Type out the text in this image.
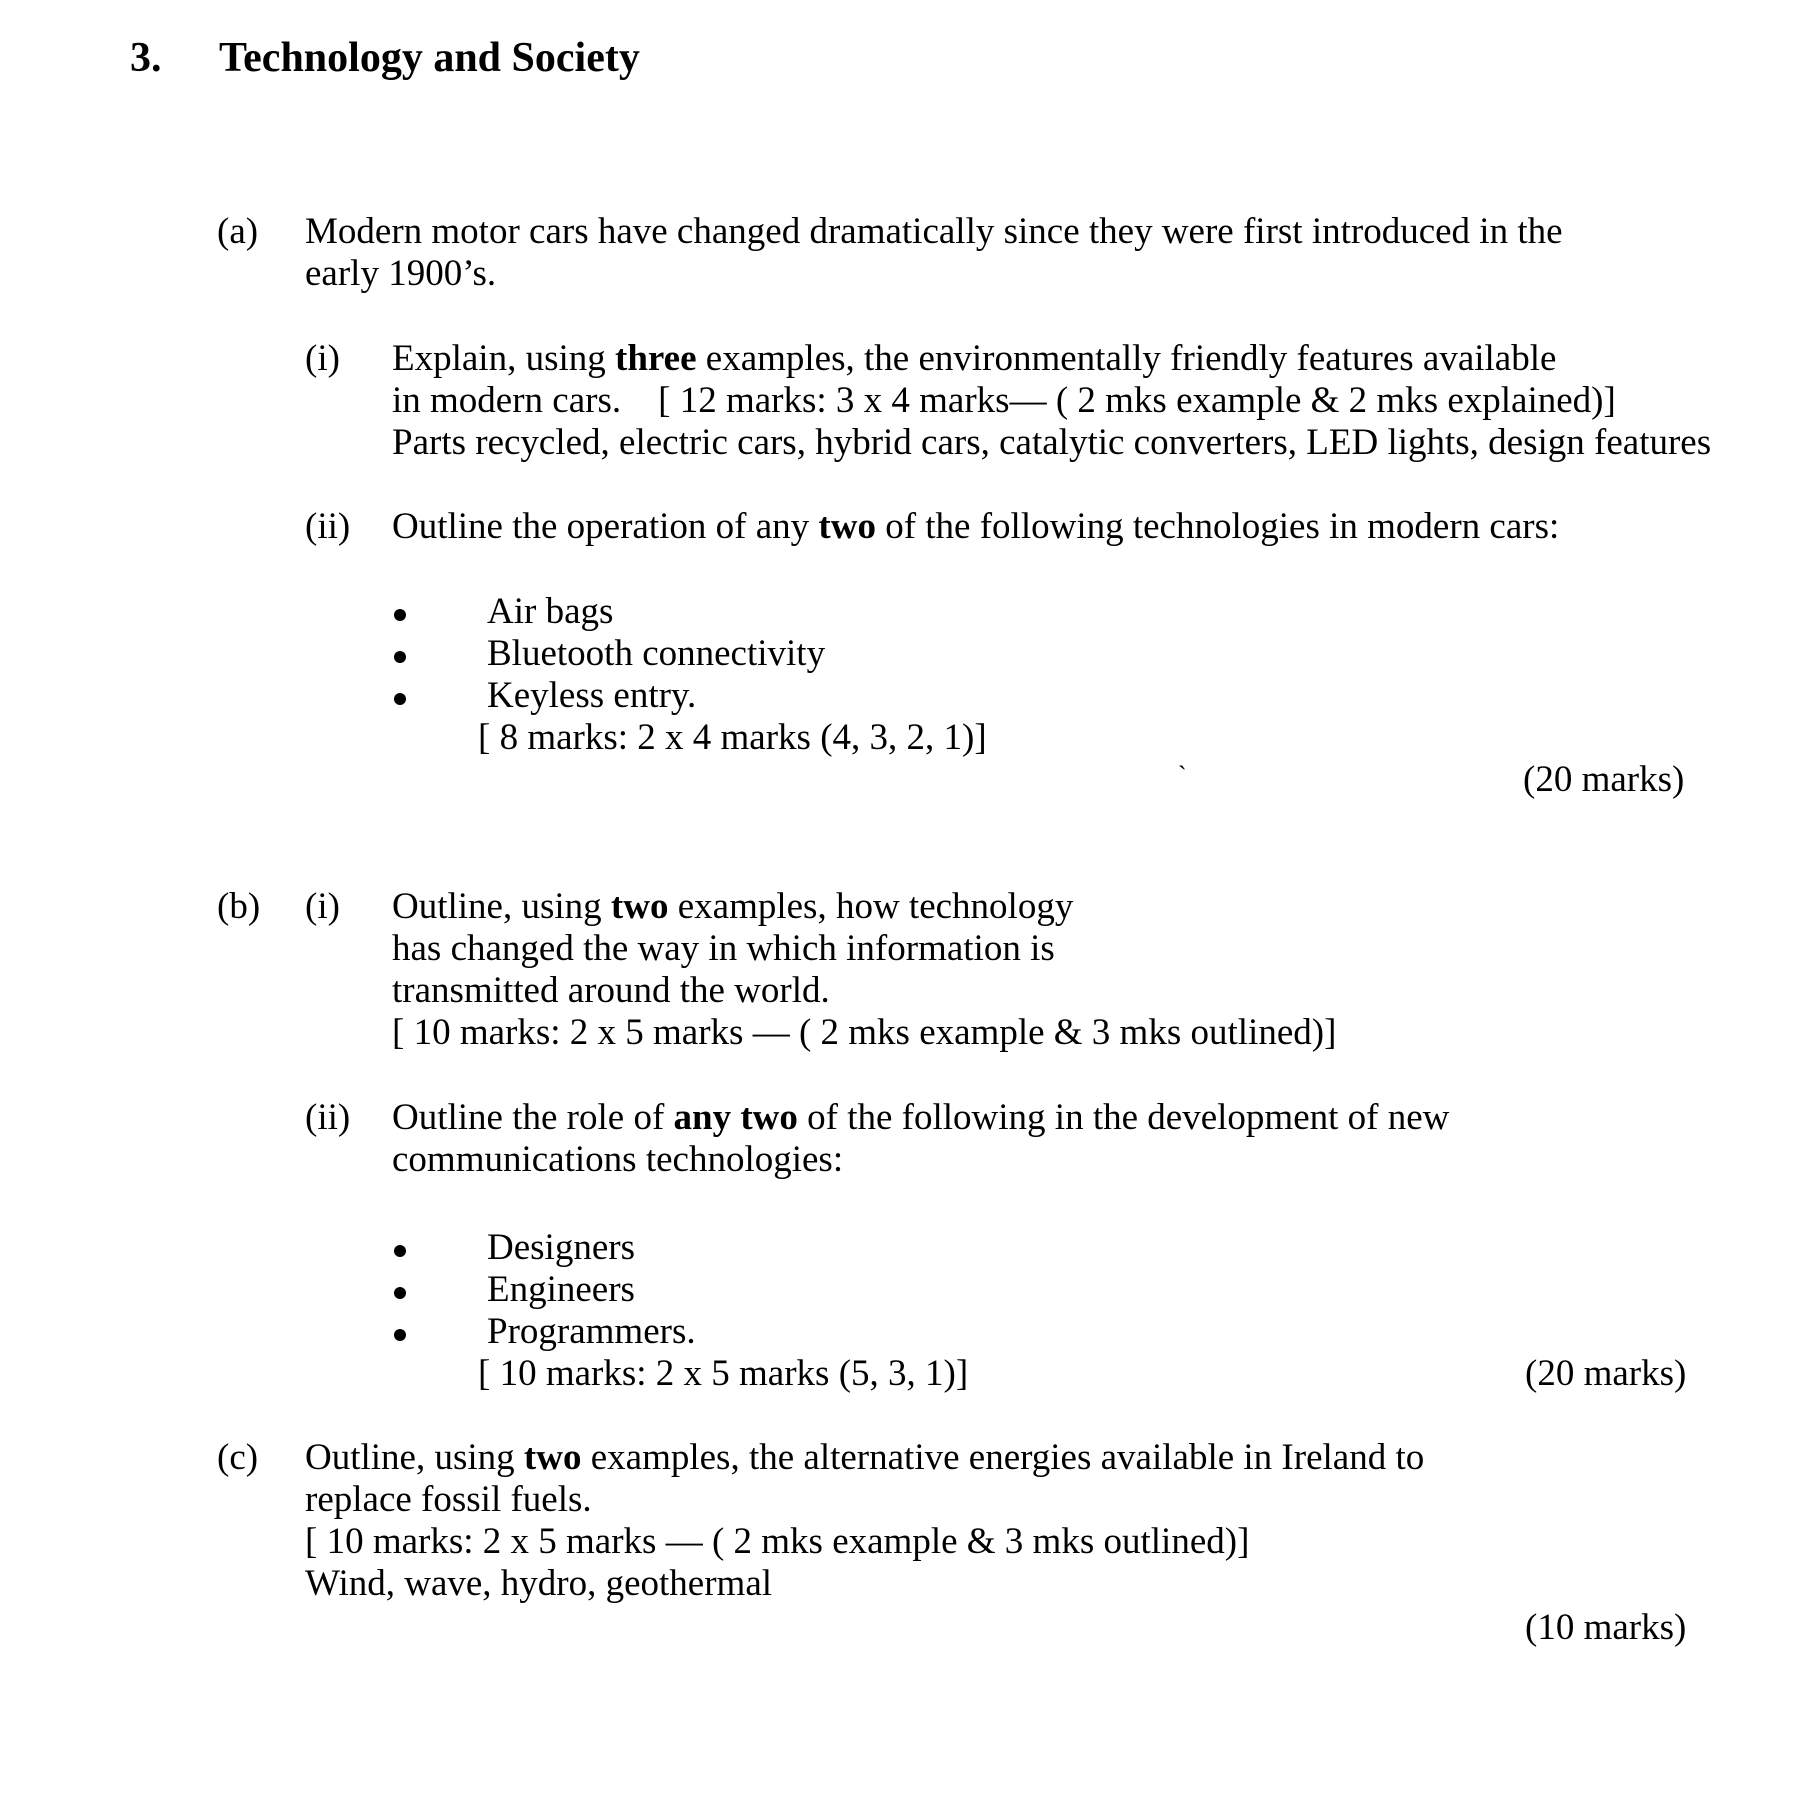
3. Technology and Society
(a) Modern motor cars have changed dramatically since they were first introduced in the
early 1900’s.
(i) Explain, using three examples, the environmentally friendly features available
in modern cars.    [ 12 marks: 3 x 4 marks— ( 2 mks example & 2 mks explained)]
Parts recycled, electric cars, hybrid cars, catalytic converters, LED lights, design features
(ii) Outline the operation of any two of the following technologies in modern cars:
Air bags
Bluetooth connectivity
Keyless entry.
[ 8 marks: 2 x 4 marks (4, 3, 2, 1)]
`	(20 marks)
(b) (i) Outline, using two examples, how technology
has changed the way in which information is
transmitted around the world.
[ 10 marks: 2 x 5 marks — ( 2 mks example & 3 mks outlined)]
(ii) Outline the role of any two of the following in the development of new
communications technologies:
Designers
Engineers
Programmers.
[ 10 marks: 2 x 5 marks (5, 3, 1)]	(20 marks)
(c) Outline, using two examples, the alternative energies available in Ireland to
replace fossil fuels.
[ 10 marks: 2 x 5 marks — ( 2 mks example & 3 mks outlined)]
Wind, wave, hydro, geothermal
(10 marks)
